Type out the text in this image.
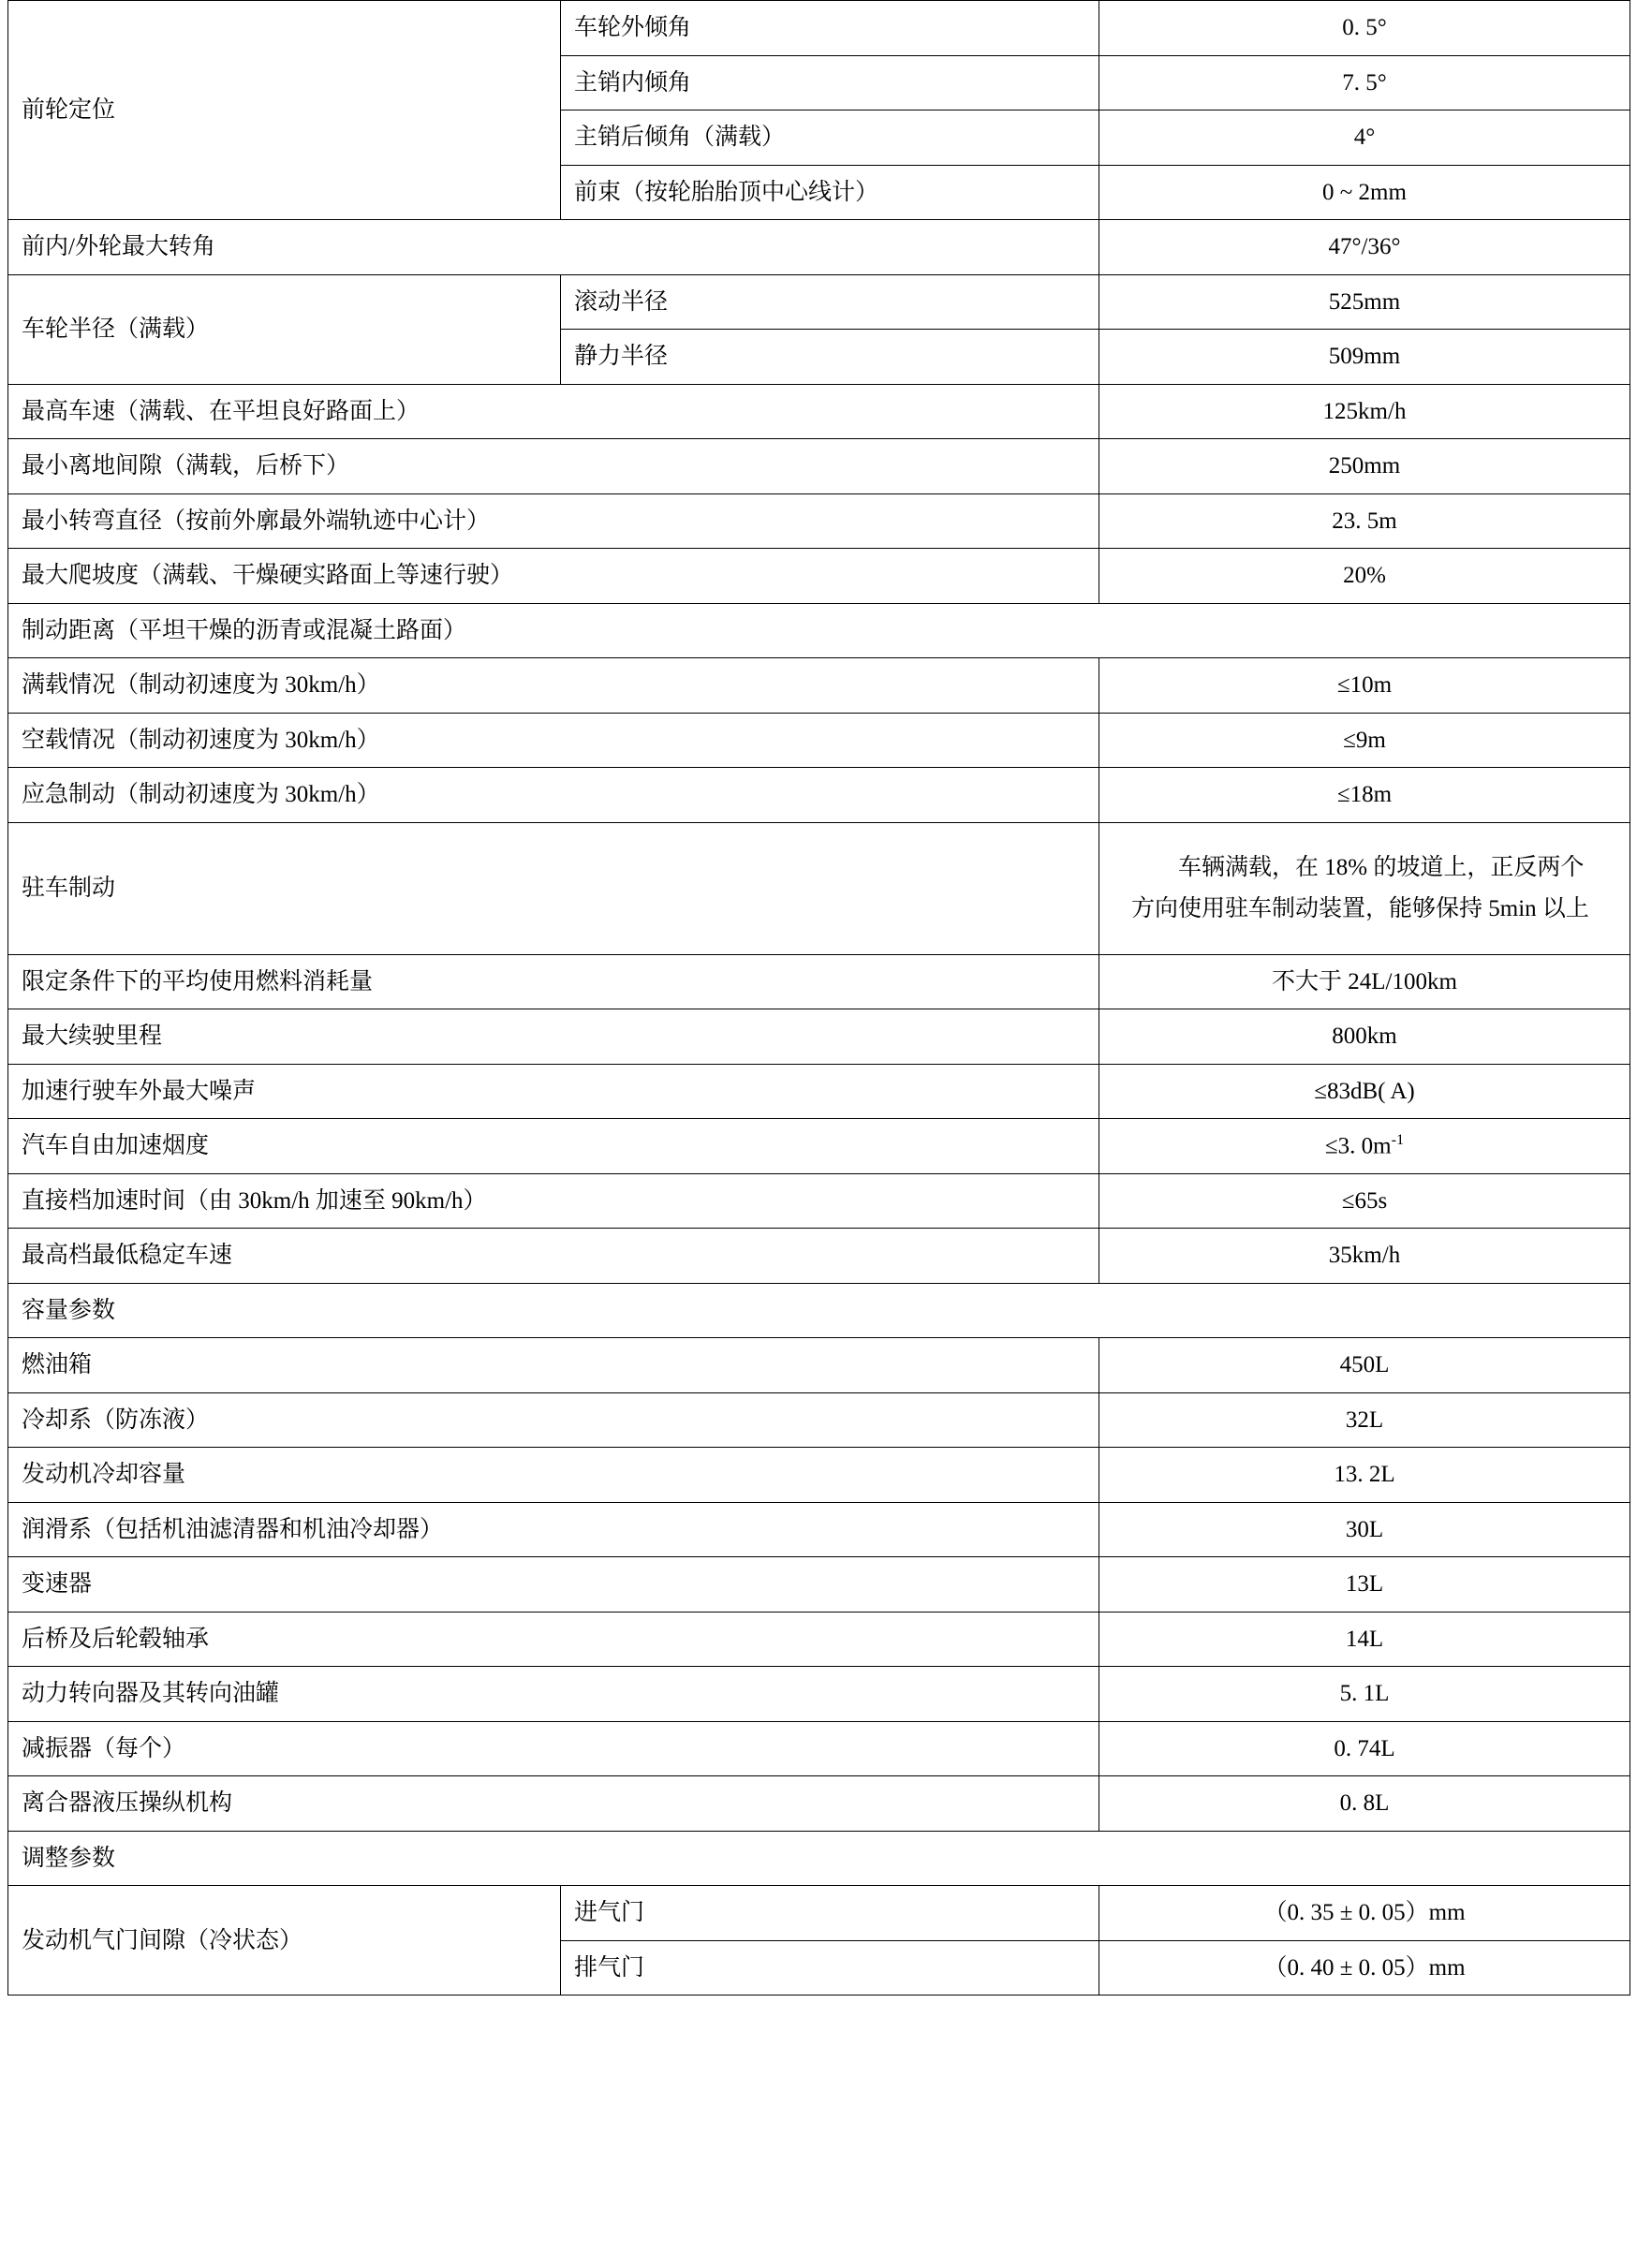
前轮定位	车轮外倾角	0. 5°
	主销内倾角	7. 5°
	主销后倾角（满载）	4°
	前束（按轮胎胎顶中心线计）	0 ~ 2mm
前内/外轮最大转角		47°/36°
车轮半径（满载）	滚动半径	525mm
	静力半径	509mm
最高车速（满载、在平坦良好路面上）		125km/h
最小离地间隙（满载，后桥下）		250mm
最小转弯直径（按前外廓最外端轨迹中心计）		23. 5m
最大爬坡度（满载、干燥硬实路面上等速行驶）		20%
制动距离（平坦干燥的沥青或混凝土路面）		
满载情况（制动初速度为 30km/h）		≤10m
空载情况（制动初速度为 30km/h）		≤9m
应急制动（制动初速度为 30km/h）		≤18m
驻车制动		车辆满载，在 18% 的坡道上，正反两个方向使用驻车制动装置，能够保持 5min 以上
限定条件下的平均使用燃料消耗量		不大于 24L/100km
最大续驶里程		800km
加速行驶车外最大噪声		≤83dB( A)
汽车自由加速烟度		≤3. $0m^{-1}$
直接档加速时间（由 30km/h 加速至 90km/h）		≤65s
最高档最低稳定车速		35km/h
容量参数		
燃油箱		450L
冷却系（防冻液）		32L
发动机冷却容量		13. 2L
润滑系（包括机油滤清器和机油冷却器）		30L
变速器		13L
后桥及后轮毂轴承		14L
动力转向器及其转向油罐		5. 1L
减振器（每个）		0. 74L
离合器液压操纵机构		0. 8L
调整参数		
发动机气门间隙（冷状态）	进气门	（0. 35 ± 0. 05）mm
	排气门	（0. 40 ± 0. 05）mm
